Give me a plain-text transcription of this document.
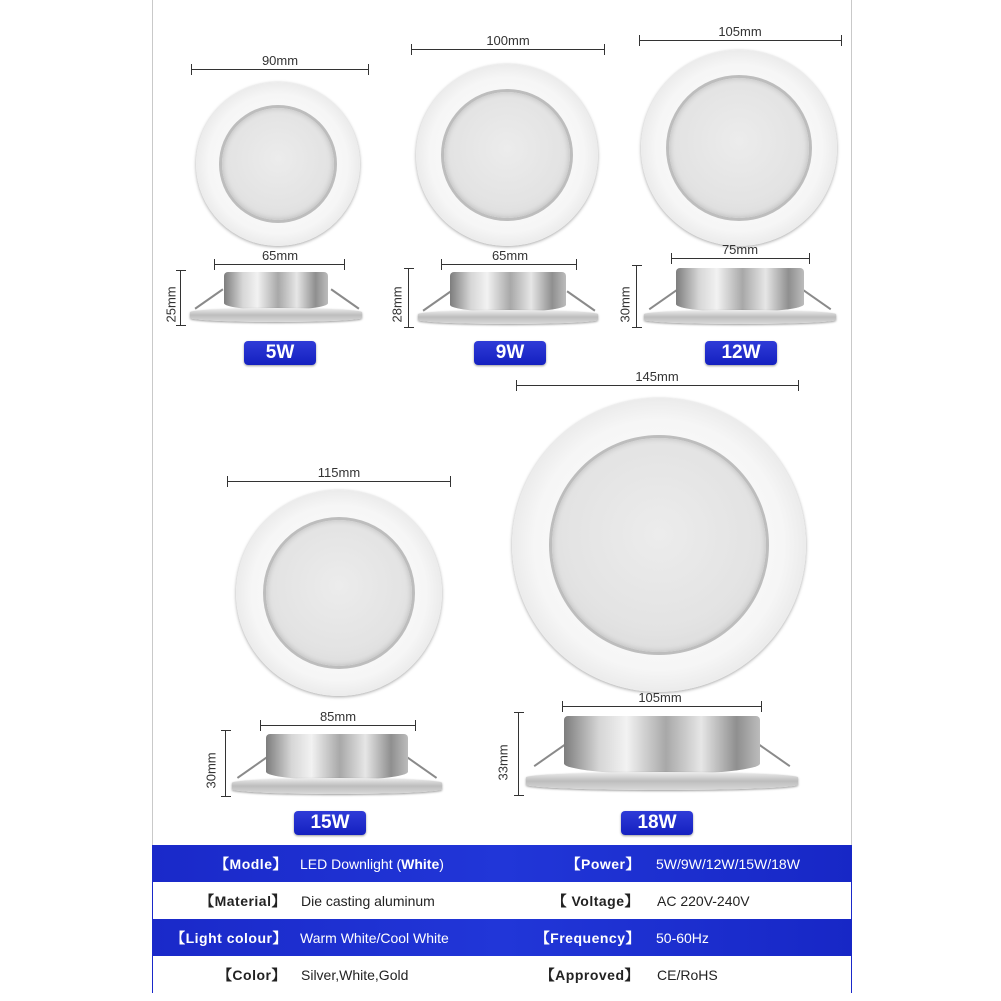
90mm
65mm
25mm
5W
100mm
65mm
28mm
9W
105mm
75mm
30mm
12W
115mm
85mm
30mm
15W
145mm
105mm
33mm
18W
【Modle】 LED Downlight (White)	【Power】 5W/9W/12W/15W/18W
【Material】 Die casting aluminum	【 Voltage】 AC 220V-240V
【Light colour】 Warm White/Cool White	【Frequency】 50-60Hz
【Color】 Silver,White,Gold	【Approved】 CE/RoHS
